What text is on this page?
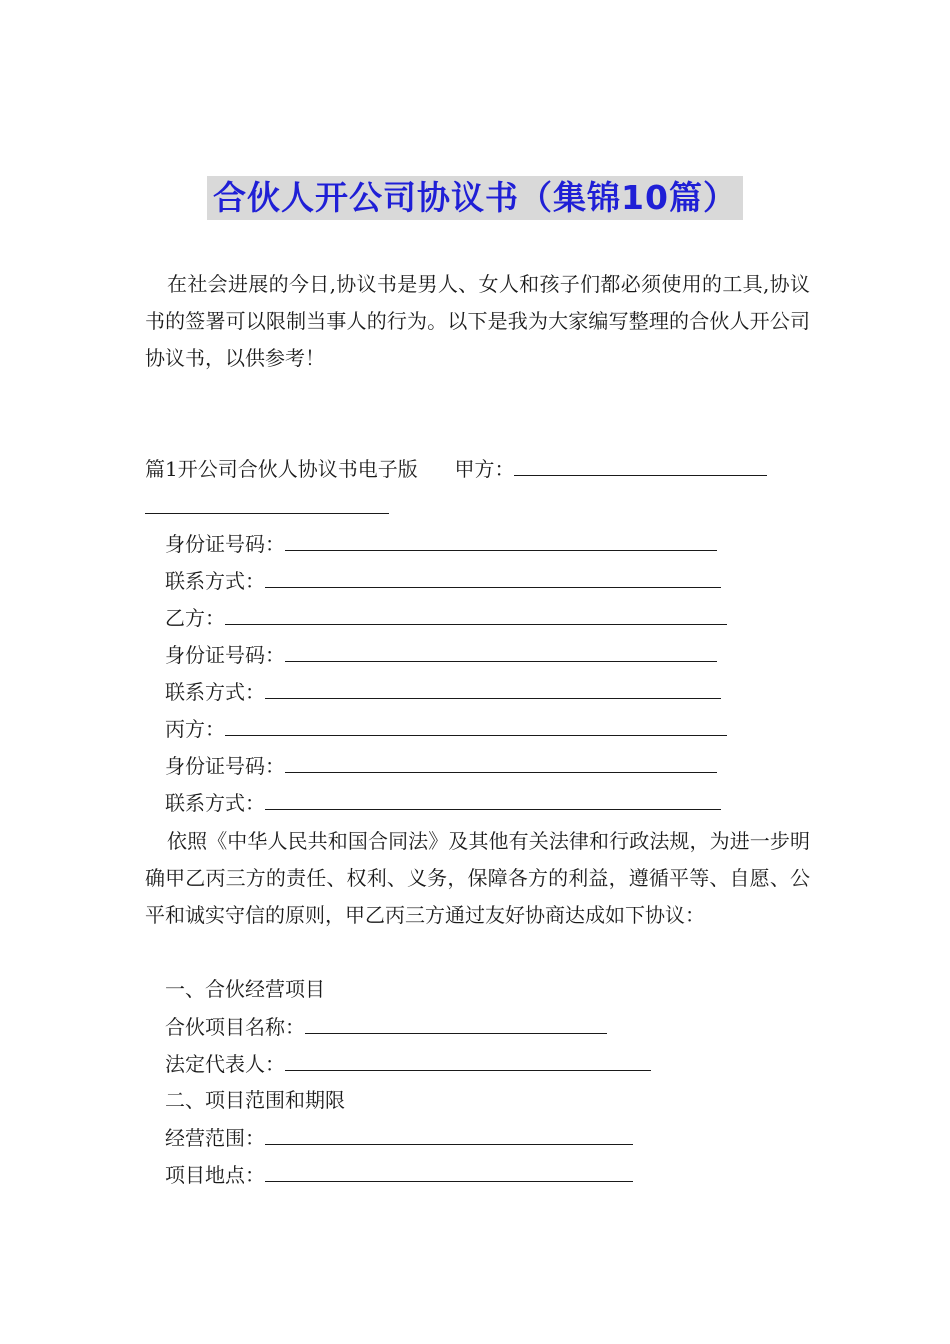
合伙人开公司协议书（集锦10篇）

在社会进展的今日,协议书是男人、女人和孩子们都必须使用的工具,协议书的签署可以限制当事人的行为。以下是我为大家编写整理的合伙人开公司协议书，以供参考！

篇1开公司合伙人协议书电子版 甲方：
身份证号码：
联系方式：
乙方：
身份证号码：
联系方式：
丙方：
身份证号码：
联系方式：

依照《中华人民共和国合同法》及其他有关法律和行政法规，为进一步明确甲乙丙三方的责任、权利、义务，保障各方的利益，遵循平等、自愿、公平和诚实守信的原则，甲乙丙三方通过友好协商达成如下协议：

一、合伙经营项目
合伙项目名称：
法定代表人：
二、项目范围和期限
经营范围：
项目地点：
